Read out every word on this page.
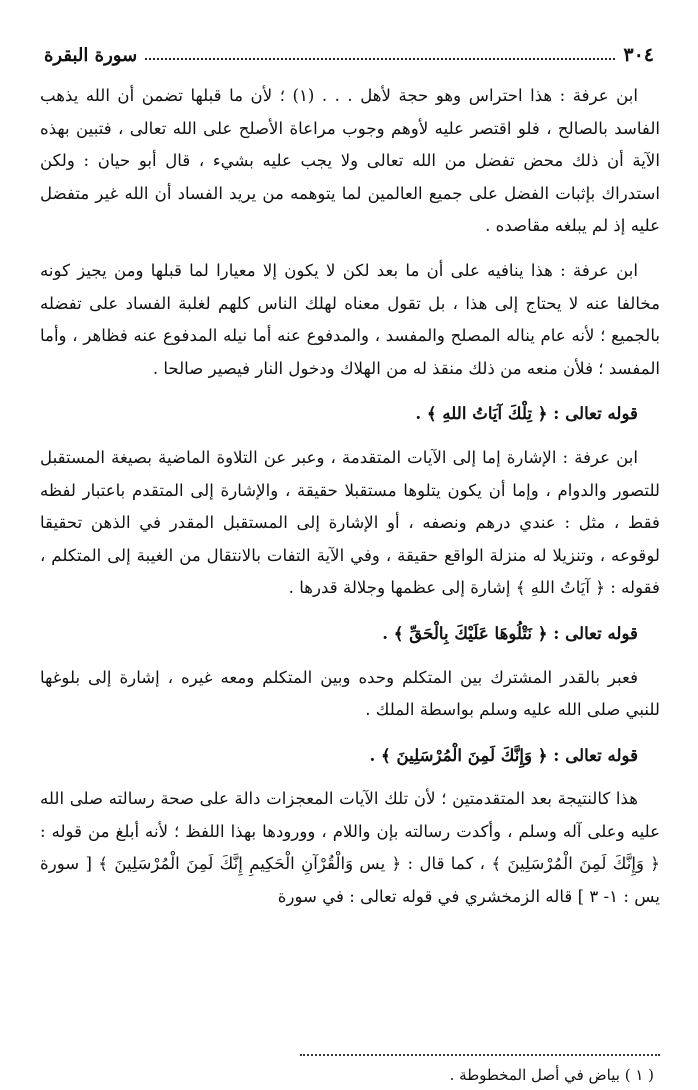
٣٠٤
سورة البقرة

ابن عرفة : هذا احتراس وهو حجة لأهل . . . (١) ؛ لأن ما قبلها تضمن أن الله يذهب الفاسد بالصالح ، فلو اقتصر عليه لأوهم وجوب مراعاة الأصلح على الله تعالى ، فتبين بهذه الآية أن ذلك محض تفضل من الله تعالى ولا يجب عليه بشيء ، قال أبو حيان : ولكن استدراك بإثبات الفضل على جميع العالمين لما يتوهمه من يريد الفساد أن الله غير متفضل عليه إذ لم يبلغه مقاصده .

ابن عرفة : هذا ينافيه على أن ما بعد لكن لا يكون إلا معيارا لما قبلها ومن يجيز كونه مخالفا عنه لا يحتاج إلى هذا ، بل تقول معناه لهلك الناس كلهم لغلبة الفساد على تفضله بالجميع ؛ لأنه عام يناله المصلح والمفسد ، والمدفوع عنه أما نيله المدفوع عنه فظاهر ، وأما المفسد ؛ فلأن منعه من ذلك منقذ له من الهلاك ودخول النار فيصير صالحا .

قوله تعالى : ﴿ تِلْكَ آيَاتُ اللهِ ﴾ .

ابن عرفة : الإشارة إما إلى الآيات المتقدمة ، وعبر عن التلاوة الماضية بصيغة المستقبل للتصور والدوام ، وإما أن يكون يتلوها مستقبلا حقيقة ، والإشارة إلى المتقدم باعتبار لفظه فقط ، مثل : عندي درهم ونصفه ، أو الإشارة إلى المستقبل المقدر في الذهن تحقيقا لوقوعه ، وتنزيلا له منزلة الواقع حقيقة ، وفي الآية التفات بالانتقال من الغيبة إلى المتكلم ، فقوله : ﴿ آيَاتُ اللهِ ﴾ إشارة إلى عظمها وجلالة قدرها .

قوله تعالى : ﴿ نَتْلُوهَا عَلَيْكَ بِالْحَقِّ ﴾ .

فعبر بالقدر المشترك بين المتكلم وحده وبين المتكلم ومعه غيره ، إشارة إلى بلوغها للنبي صلى الله عليه وسلم بواسطة الملك .

قوله تعالى : ﴿ وَإِنَّكَ لَمِنَ الْمُرْسَلِينَ ﴾ .

هذا كالنتيجة بعد المتقدمتين ؛ لأن تلك الآيات المعجزات دالة على صحة رسالته صلى الله عليه وعلى آله وسلم ، وأكدت رسالته بإن واللام ، وورودها بهذا اللفظ ؛ لأنه أبلغ من قوله : ﴿ وَإِنَّكَ لَمِنَ الْمُرْسَلِينَ ﴾ ، كما قال : ﴿ يس وَالْقُرْآنِ الْحَكِيمِ إِنَّكَ لَمِنَ الْمُرْسَلِينَ ﴾ [ سورة يس : ١- ٣ ] قاله الزمخشري في قوله تعالى : في سورة

( ١ ) بياض في أصل المخطوطة .
